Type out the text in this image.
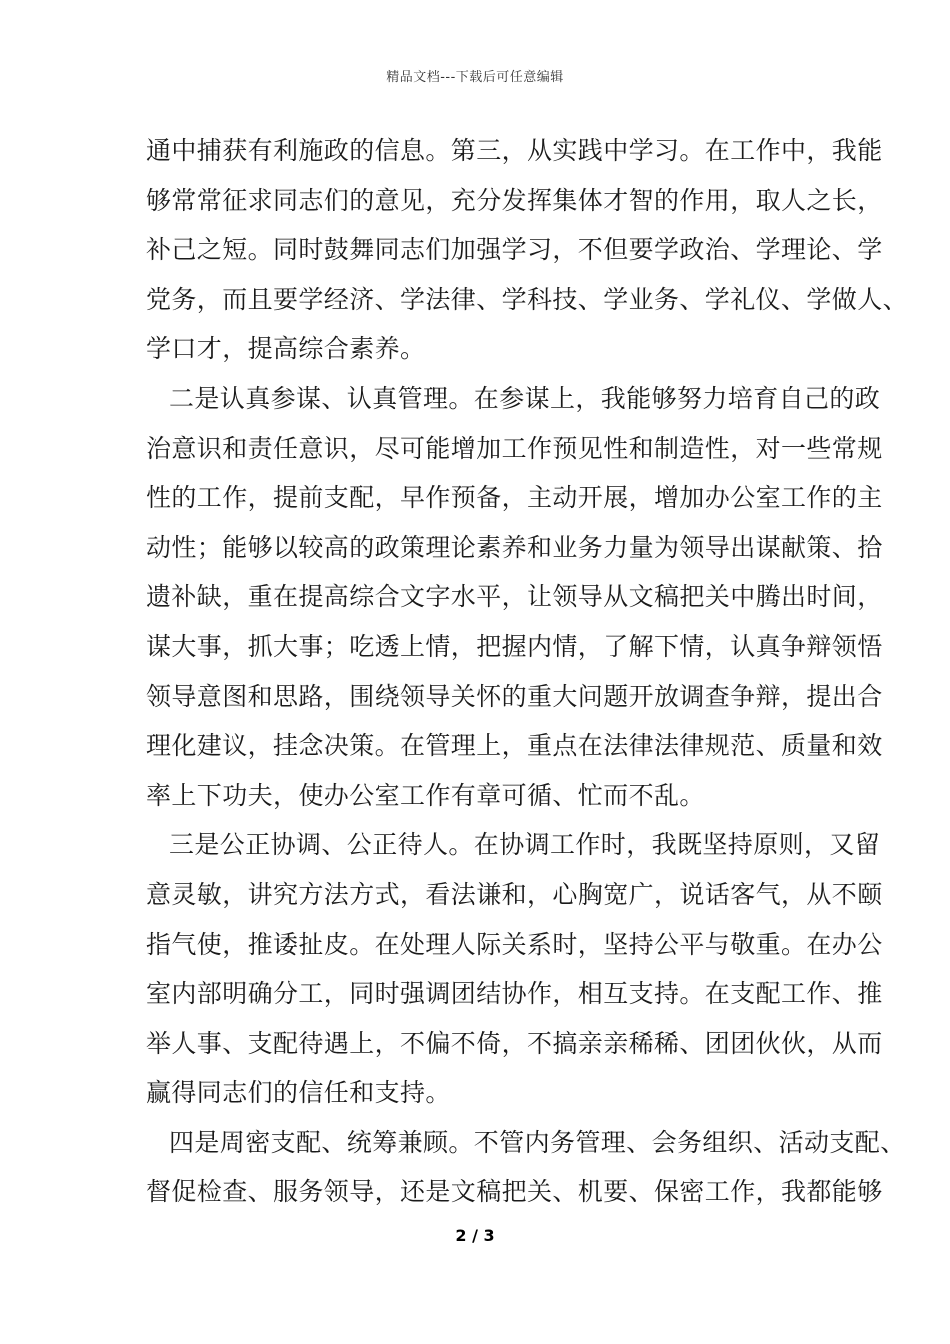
精品文档---下载后可任意编辑
通中捕获有利施政的信息。第三，从实践中学习。在工作中，我能
够常常征求同志们的意见，充分发挥集体才智的作用，取人之长，
补己之短。同时鼓舞同志们加强学习，不但要学政治、学理论、学
党务，而且要学经济、学法律、学科技、学业务、学礼仪、学做人、
学口才，提高综合素养。
二是认真参谋、认真管理。在参谋上，我能够努力培育自己的政
治意识和责任意识，尽可能增加工作预见性和制造性，对一些常规
性的工作，提前支配，早作预备，主动开展，增加办公室工作的主
动性；能够以较高的政策理论素养和业务力量为领导出谋献策、拾
遗补缺，重在提高综合文字水平，让领导从文稿把关中腾出时间，
谋大事，抓大事；吃透上情，把握内情，了解下情，认真争辩领悟
领导意图和思路，围绕领导关怀的重大问题开放调查争辩，提出合
理化建议，挂念决策。在管理上，重点在法律法律规范、质量和效
率上下功夫，使办公室工作有章可循、忙而不乱。
三是公正协调、公正待人。在协调工作时，我既坚持原则，又留
意灵敏，讲究方法方式，看法谦和，心胸宽广，说话客气，从不颐
指气使，推诿扯皮。在处理人际关系时，坚持公平与敬重。在办公
室内部明确分工，同时强调团结协作，相互支持。在支配工作、推
举人事、支配待遇上，不偏不倚，不搞亲亲稀稀、团团伙伙，从而
赢得同志们的信任和支持。
四是周密支配、统筹兼顾。不管内务管理、会务组织、活动支配、
督促检查、服务领导，还是文稿把关、机要、保密工作，我都能够
2 / 3
